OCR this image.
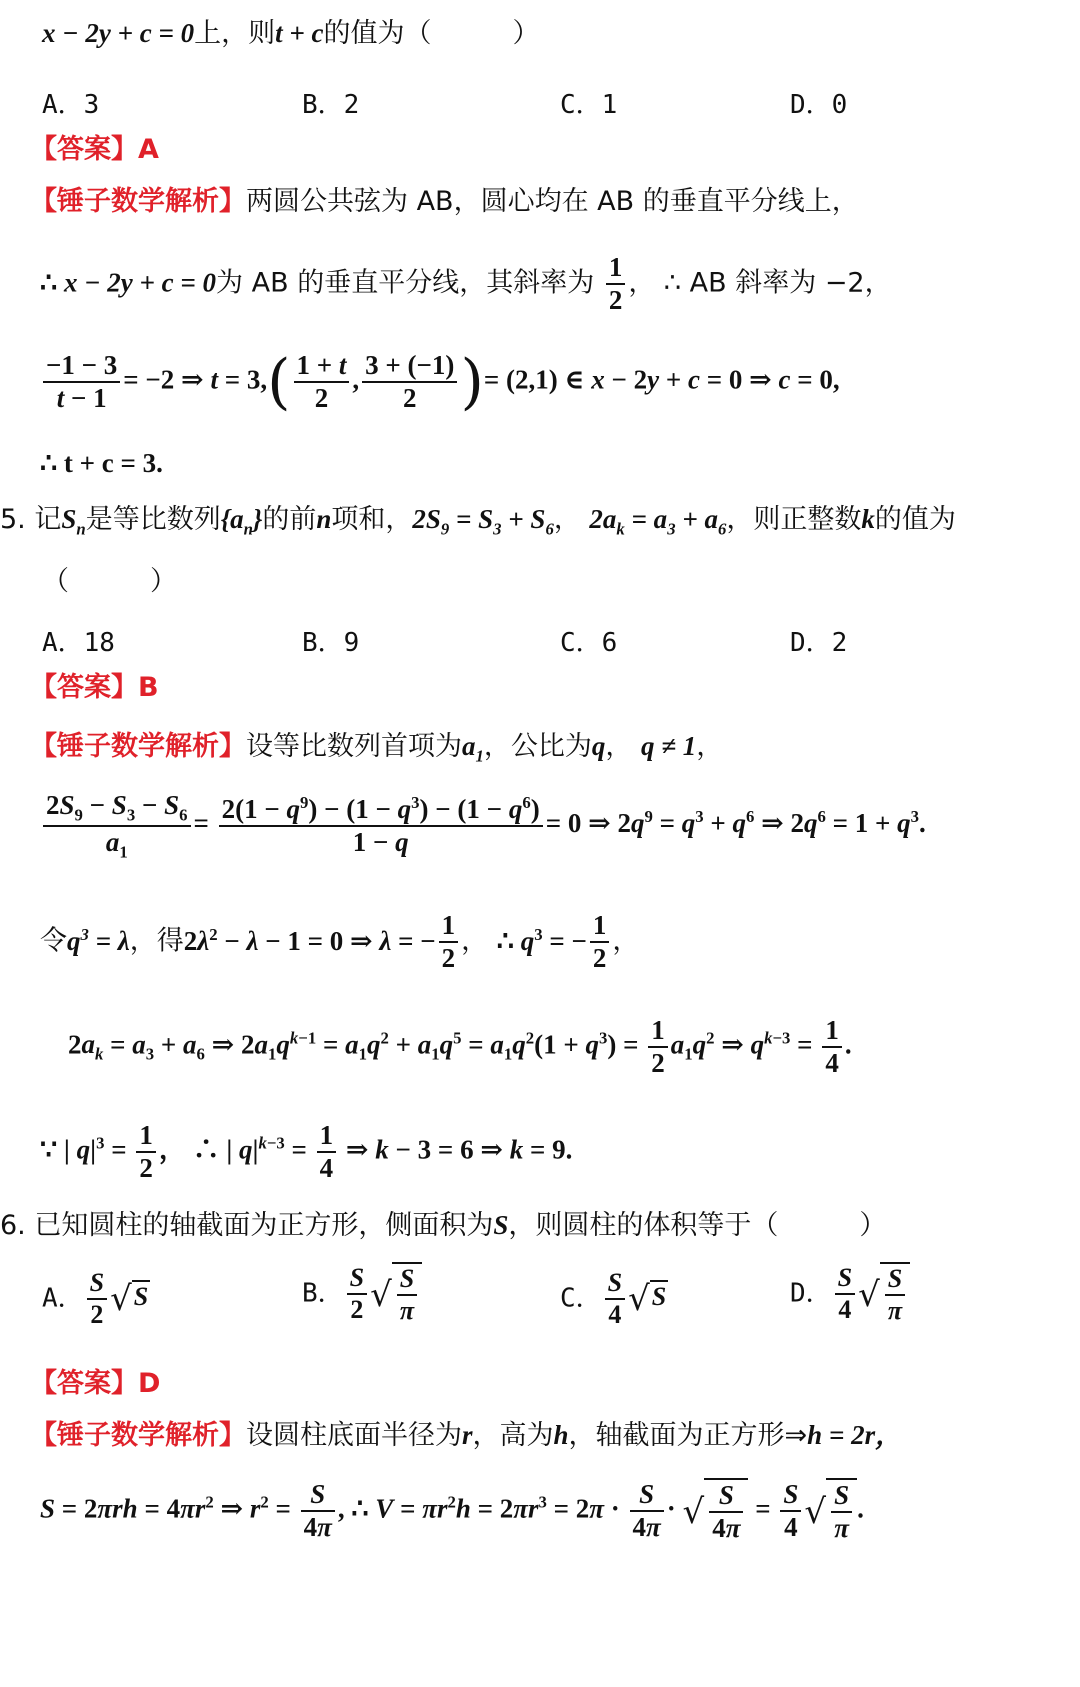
x − 2y + c = 0上，则t + c的值为（　　　）
A．3	B．2	C．1	D．0
【答案】A
【锤子数学解析】两圆公共弦为 AB，圆心均在 AB 的垂直平分线上，
∴ x − 2y + c = 0为 AB 的垂直平分线，其斜率为 $\frac{1}{2}$ ， ∴ AB 斜率为 −2，
$\frac{-1 - 3}{t - 1} = -2$ ⇒ $t = 3,( \frac{1 + t}{2}$ , $\frac{3 + (-1)}{2}$ )= (2,1) ∈ x − 2y + c = 0 ⇒ c = 0,
∴ t + c = 3.
5. 记$S_n$是等比数列$\{a_n\}$的前n项和，$2S_9 = S_3 + S_6$， $2a_k = a_3 + a_6$，则正整数k的值为
（　　　）
A．18	B．9	C．6	D．2
【答案】B
【锤子数学解析】设等比数列首项为$a_1$，公比为q， q ≠ 1，
$\frac{2S_9 - S_3 - S_6}{a_1} = \frac{2(1 - q^9) - (1 - q^3) - (1 - q^6)}{1 - q} = 0$ ⇒ $2q^9 = q^3 + q^6$ ⇒ $2q^6 = 1 + q^3$.
令$q^3 = \lambda$，得$2\lambda^2 - \lambda - 1 = 0$ ⇒ λ = − $\frac{1}{2}$ ， ∴ $q^3$ = − $\frac{1}{2}$ ，
$2a_k = a_3 + a_6$ ⇒ $2a_1q^{k-1} = a_1q^2 + a_1q^5 = a_1q^2(1 + q^3) = \frac{1}{2} a_1q^2$ ⇒ $q^{k-3} = \frac{1}{4}$ .
∵ | $q|^3 = \frac{1}{2}$ ， ∴ | $q|^{k-3} = \frac{1}{4}$ ⇒ k − 3 = 6 ⇒ k = 9.
6. 已知圆柱的轴截面为正方形，侧面积为S，则圆柱的体积等于（　　　）
A． $\frac{S}{2} √S$	B． $\frac{S}{2}$ √ $\frac{S}{\pi}$	C． $\frac{S}{4} √S$	D． $\frac{S}{4}$ √ $\frac{S}{\pi}$
【答案】D
【锤子数学解析】设圆柱底面半径为r，高为h，轴截面为正方形⇒h = 2r，
$S = 2\pi rh = 4\pi r^2$ ⇒ $r^2 = \frac{S}{4\pi}$ , ∴ $V = \pi r^2h = 2\pi r^3 = 2\pi \cdot \frac{S}{4\pi}$ · √ $\frac{S}{4\pi} = \frac{S}{4}$ √ $\frac{S}{\pi}$ .
